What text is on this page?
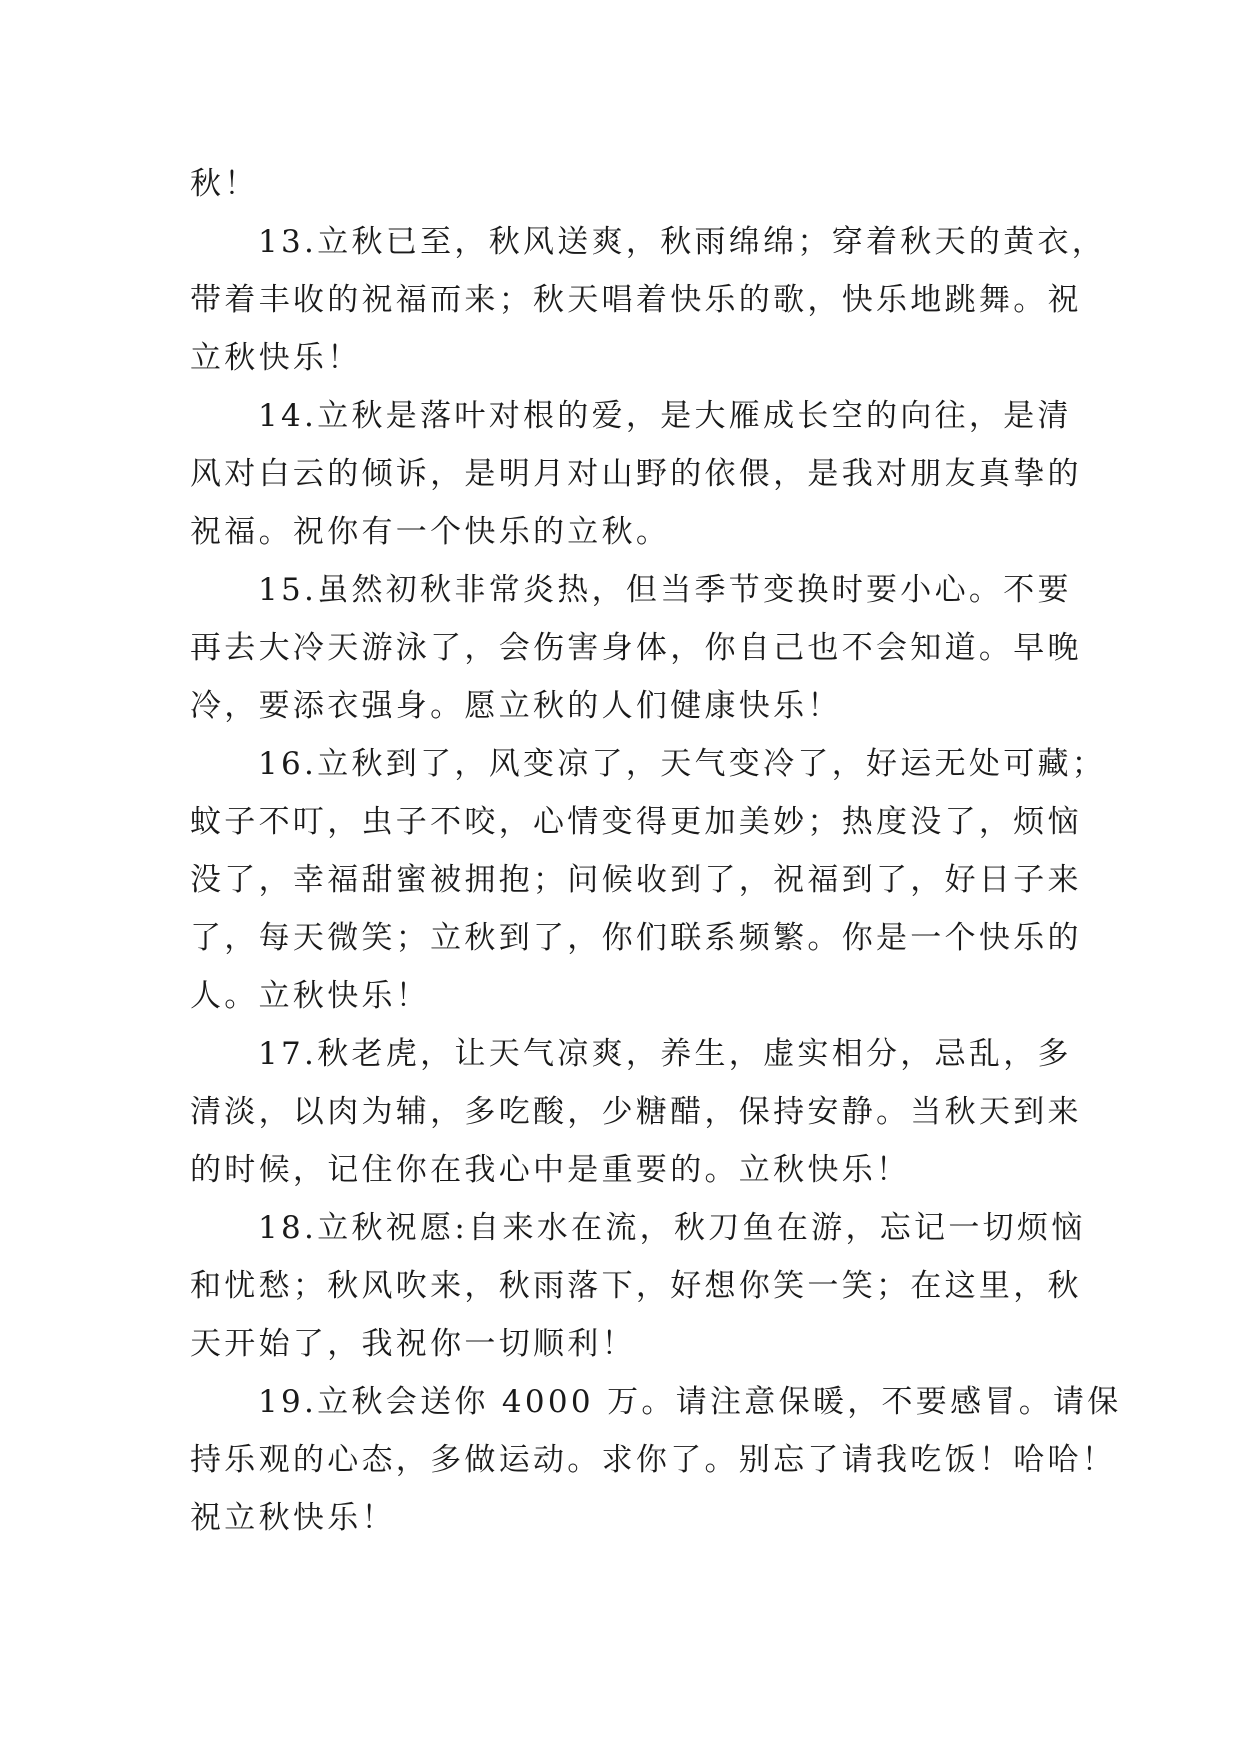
秋！
13.立秋已至，秋风送爽，秋雨绵绵；穿着秋天的黄衣，
带着丰收的祝福而来；秋天唱着快乐的歌，快乐地跳舞。祝
立秋快乐！
14.立秋是落叶对根的爱，是大雁成长空的向往，是清
风对白云的倾诉，是明月对山野的依偎，是我对朋友真挚的
祝福。祝你有一个快乐的立秋。
15.虽然初秋非常炎热，但当季节变换时要小心。不要
再去大冷天游泳了，会伤害身体，你自己也不会知道。早晚
冷，要添衣强身。愿立秋的人们健康快乐！
16.立秋到了，风变凉了，天气变冷了，好运无处可藏；
蚊子不叮，虫子不咬，心情变得更加美妙；热度没了，烦恼
没了，幸福甜蜜被拥抱；问候收到了，祝福到了，好日子来
了，每天微笑；立秋到了，你们联系频繁。你是一个快乐的
人。立秋快乐！
17.秋老虎，让天气凉爽，养生，虚实相分，忌乱，多
清淡，以肉为辅，多吃酸，少糖醋，保持安静。当秋天到来
的时候，记住你在我心中是重要的。立秋快乐！
18.立秋祝愿:自来水在流，秋刀鱼在游，忘记一切烦恼
和忧愁；秋风吹来，秋雨落下，好想你笑一笑；在这里，秋
天开始了，我祝你一切顺利！
19.立秋会送你 4000 万。请注意保暖，不要感冒。请保
持乐观的心态，多做运动。求你了。别忘了请我吃饭！哈哈！
祝立秋快乐！
